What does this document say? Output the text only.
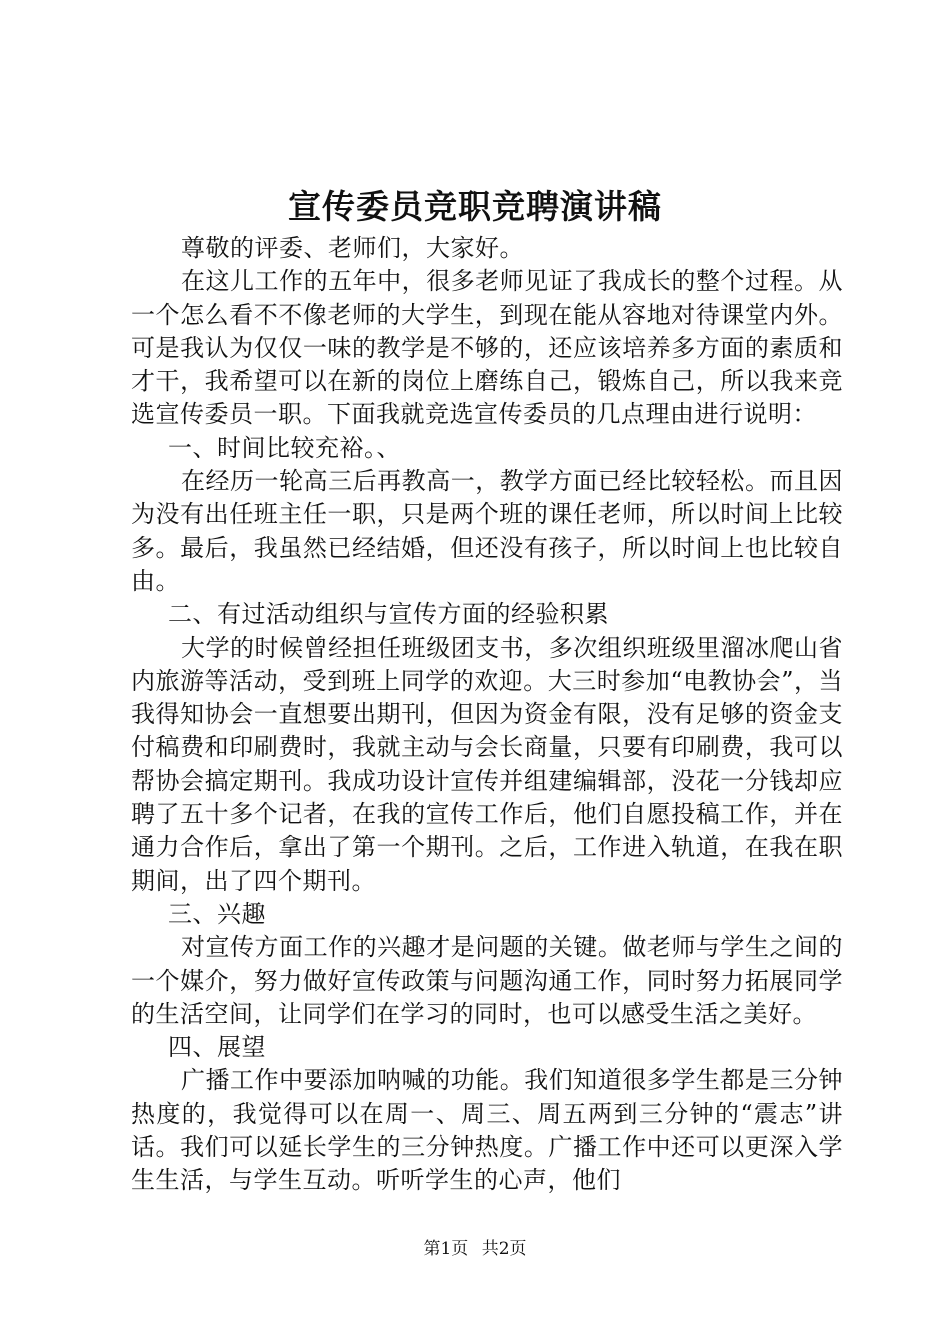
宣传委员竞职竞聘演讲稿

尊敬的评委、老师们，大家好。

在这儿工作的五年中，很多老师见证了我成长的整个过程。从一个怎么看不不像老师的大学生，到现在能从容地对待课堂内外。可是我认为仅仅一味的教学是不够的，还应该培养多方面的素质和才干，我希望可以在新的岗位上磨练自己，锻炼自己，所以我来竞选宣传委员一职。下面我就竞选宣传委员的几点理由进行说明：

一、时间比较充裕。、

在经历一轮高三后再教高一，教学方面已经比较轻松。而且因为没有出任班主任一职，只是两个班的课任老师，所以时间上比较多。最后，我虽然已经结婚，但还没有孩子，所以时间上也比较自由。

二、有过活动组织与宣传方面的经验积累

大学的时候曾经担任班级团支书，多次组织班级里溜冰爬山省内旅游等活动，受到班上同学的欢迎。大三时参加“电教协会”，当我得知协会一直想要出期刊，但因为资金有限，没有足够的资金支付稿费和印刷费时，我就主动与会长商量，只要有印刷费，我可以帮协会搞定期刊。我成功设计宣传并组建编辑部，没花一分钱却应聘了五十多个记者，在我的宣传工作后，他们自愿投稿工作，并在通力合作后，拿出了第一个期刊。之后，工作进入轨道，在我在职期间，出了四个期刊。

三、兴趣

对宣传方面工作的兴趣才是问题的关键。做老师与学生之间的一个媒介，努力做好宣传政策与问题沟通工作，同时努力拓展同学的生活空间，让同学们在学习的同时，也可以感受生活之美好。

四、展望

广播工作中要添加呐喊的功能。我们知道很多学生都是三分钟热度的，我觉得可以在周一、周三、周五两到三分钟的“震志”讲话。我们可以延长学生的三分钟热度。广播工作中还可以更深入学生生活，与学生互动。听听学生的心声，他们

第1页 共2页
